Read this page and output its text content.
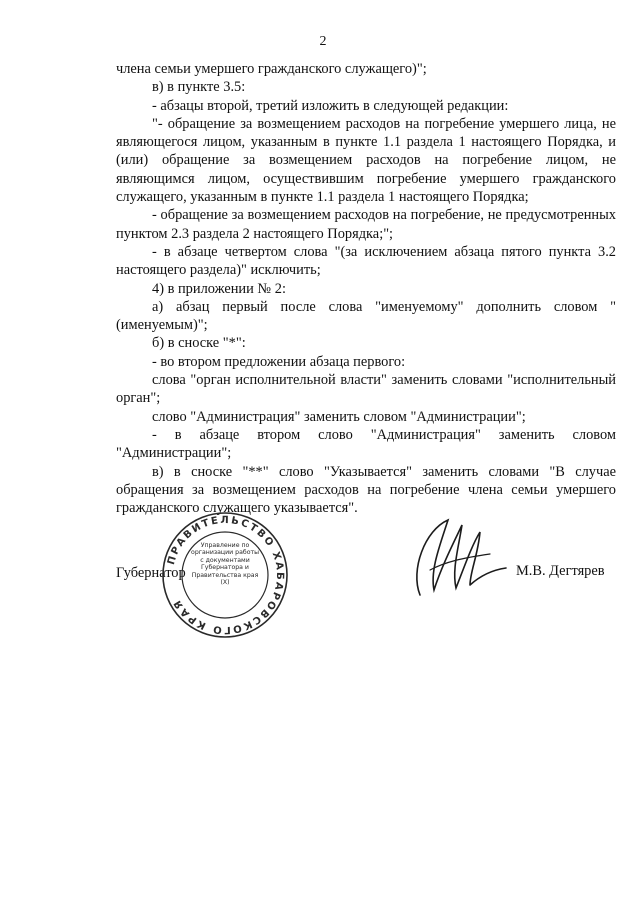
2

члена семьи умершего гражданского служащего)";

в) в пункте 3.5:

- абзацы второй, третий изложить в следующей редакции:

"- обращение за возмещением расходов на погребение умершего лица, не являющегося лицом, указанным в пункте 1.1 раздела 1 настоящего Порядка, и (или) обращение за возмещением расходов на погребение лицом, не являющимся лицом, осуществившим погребение умершего гражданского служащего, указанным в пункте 1.1 раздела 1 настоящего Порядка;

- обращение за возмещением расходов на погребение, не предусмотренных пунктом 2.3 раздела 2 настоящего Порядка;";

- в абзаце четвертом слова "(за исключением абзаца пятого пункта 3.2 настоящего раздела)" исключить;

4) в приложении № 2:

а) абзац первый после слова "именуемому" дополнить словом "(именуемым)";

б) в сноске "*":

- во втором предложении абзаца первого:

слова "орган исполнительной власти" заменить словами "исполнительный орган";

слово "Администрация" заменить словом "Администрации";

- в абзаце втором слово "Администрация" заменить словом "Администрации";

в) в сноске "**" слово "Указывается" заменить словами "В случае обращения за возмещением расходов на погребение члена семьи умершего гражданского служащего указывается".

Губернатор
ПРАВИТЕЛЬСТВО ХАБАРОВСКОГО КРАЯ
Управление по организации работы с документами Губернатора и Правительства края (Х)
М.В. Дегтярев
